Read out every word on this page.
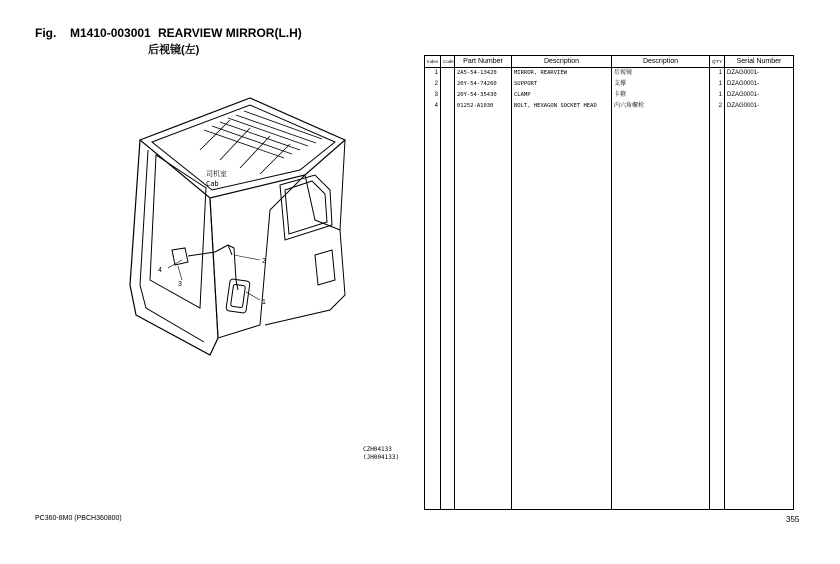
Fig. M1410-003001 REARVIEW MIRROR(L.H)
后视镜(左)
司机室
Cab
4
3
2
1
CZH04133
(JH004133)
Index	Code	Part Number	Description	Description	Q'TY	Serial Number
1		2A5-54-13420	MIRROR, REARVIEW	后视镜	1	DZAG0001-
2		20Y-54-74260	SUPPORT	支撑	1	DZAG0001-
3		20Y-54-35430	CLAMP	卡箍	1	DZAG0001-
4		01252-A1030	BOLT, HEXAGON SOCKET HEAD	内六角螺栓	2	DZAG0001-

PC360-8M0 (PBCH360800)	355
